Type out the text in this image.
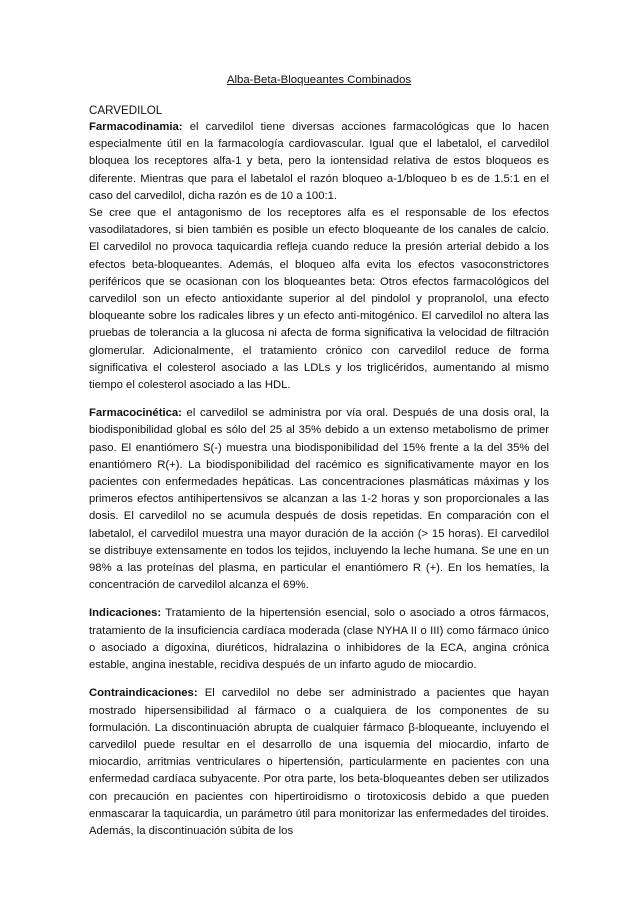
Alba-Beta-Bloqueantes Combinados
CARVEDILOL

Farmacodinamia: el carvedilol tiene diversas acciones farmacológicas que lo hacen especialmente útil en la farmacología cardiovascular. Igual que el labetalol, el carvedilol bloquea los receptores alfa-1 y beta, pero la iontensidad relativa de estos bloqueos es diferente. Mientras que para el labetalol el razón bloqueo a-1/bloqueo b es de 1.5:1 en el caso del carvedilol, dicha razón es de 10 a 100:1.

Se cree que el antagonismo de los receptores alfa es el responsable de los efectos vasodilatadores, si bien también es posible un efecto bloqueante de los canales de calcio. El carvedilol no provoca taquicardia refleja cuando reduce la presión arterial debido a los efectos beta-bloqueantes. Además, el bloqueo alfa evita los efectos vasoconstrictores periféricos que se ocasionan con los bloqueantes beta: Otros efectos farmacológicos del carvedilol son un efecto antioxidante superior al del pindolol y propranolol, una efecto bloqueante sobre los radicales libres y un efecto anti-mitogénico. El carvedilol no altera las pruebas de tolerancia a la glucosa ni afecta de forma significativa la velocidad de filtración glomerular. Adicionalmente, el tratamiento crónico con carvedilol reduce de forma significativa el colesterol asociado a las LDLs y los triglicéridos, aumentando al mismo tiempo el colesterol asociado a las HDL.

Farmacocinética: el carvedilol se administra por vía oral. Después de una dosis oral, la biodisponibilidad global es sólo del 25 al 35% debido a un extenso metabolismo de primer paso. El enantiómero S(-) muestra una biodisponibilidad del 15% frente a la del 35% del enantiómero R(+). La biodisponibilidad del racémico es significativamente mayor en los pacientes con enfermedades hepáticas. Las concentraciones plasmáticas máximas y los primeros efectos antihipertensivos se alcanzan a las 1-2 horas y son proporcionales a las dosis. El carvedilol no se acumula después de dosis repetidas. En comparación con el labetalol, el carvedilol muestra una mayor duración de la acción (> 15 horas). El carvedilol se distribuye extensamente en todos los tejidos, incluyendo la leche humana. Se une en un 98% a las proteínas del plasma, en particular el enantiómero R (+). En los hematíes, la concentración de carvedilol alcanza el 69%.

Indicaciones: Tratamiento de la hipertensión esencial, solo o asociado a otros fármacos, tratamiento de la insuficiencia cardíaca moderada (clase NYHA II o III) como fármaco único o asociado a digoxina, diuréticos, hidralazina o inhibidores de la ECA, angina crónica estable, angina inestable, recidiva después de un infarto agudo de miocardio.

Contraindicaciones: El carvedilol no debe ser administrado a pacientes que hayan mostrado hipersensibilidad al fármaco o a cualquiera de los componentes de su formulación. La discontinuación abrupta de cualquier fármaco β-bloqueante, incluyendo el carvedilol puede resultar en el desarrollo de una isquemia del miocardio, infarto de miocardio, arritmias ventriculares o hipertensión, particularmente en pacientes con una enfermedad cardíaca subyacente. Por otra parte, los beta-bloqueantes deben ser utilizados con precaución en pacientes con hipertiroidismo o tirotoxicosis debido a que pueden enmascarar la taquicardia, un parámetro útil para monitorizar las enfermedades del tiroides. Además, la discontinuación súbita de los
